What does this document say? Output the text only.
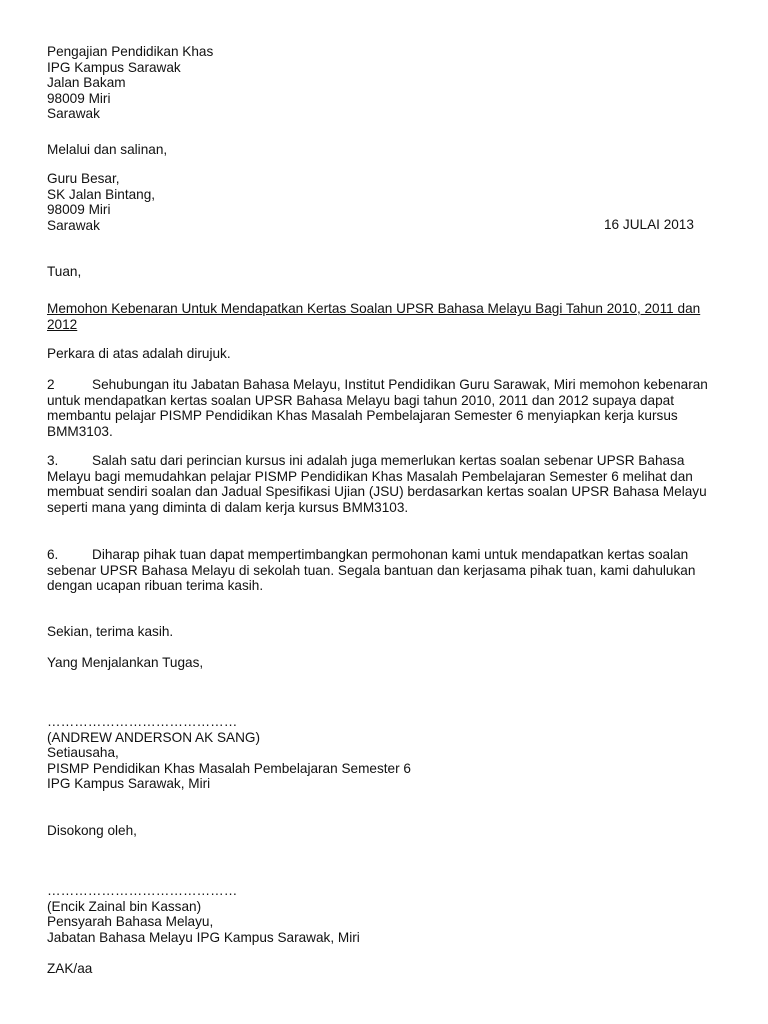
Pengajian Pendidikan Khas
IPG Kampus Sarawak
Jalan Bakam
98009 Miri
Sarawak
Melalui dan salinan,
Guru Besar,
SK Jalan Bintang,
98009 Miri
Sarawak	16 JULAI 2013
Tuan,
Memohon Kebenaran Untuk Mendapatkan Kertas Soalan UPSR Bahasa Melayu Bagi Tahun 2010, 2011 dan 2012
Perkara di atas adalah dirujuk.
2	Sehubungan itu Jabatan Bahasa Melayu, Institut Pendidikan Guru Sarawak, Miri memohon kebenaran untuk mendapatkan kertas soalan UPSR Bahasa Melayu bagi tahun 2010, 2011 dan 2012 supaya dapat membantu pelajar PISMP Pendidikan Khas Masalah Pembelajaran Semester 6 menyiapkan kerja kursus BMM3103.
3. Salah satu dari perincian kursus ini adalah juga memerlukan kertas soalan sebenar UPSR Bahasa Melayu bagi memudahkan pelajar PISMP Pendidikan Khas Masalah Pembelajaran Semester 6 melihat dan membuat sendiri soalan dan Jadual Spesifikasi Ujian (JSU) berdasarkan kertas soalan UPSR Bahasa Melayu seperti mana yang diminta di dalam kerja kursus BMM3103.
6. Diharap pihak tuan dapat mempertimbangkan permohonan kami untuk mendapatkan kertas soalan sebenar UPSR Bahasa Melayu di sekolah tuan. Segala bantuan dan kerjasama pihak tuan, kami dahulukan dengan ucapan ribuan terima kasih.
Sekian, terima kasih.
Yang Menjalankan Tugas,
……………………………………
(ANDREW ANDERSON AK SANG)
Setiausaha,
PISMP Pendidikan Khas Masalah Pembelajaran Semester 6
IPG Kampus Sarawak, Miri
Disokong oleh,
……………………………………
(Encik Zainal bin Kassan)
Pensyarah Bahasa Melayu,
Jabatan Bahasa Melayu IPG Kampus Sarawak, Miri
ZAK/aa
